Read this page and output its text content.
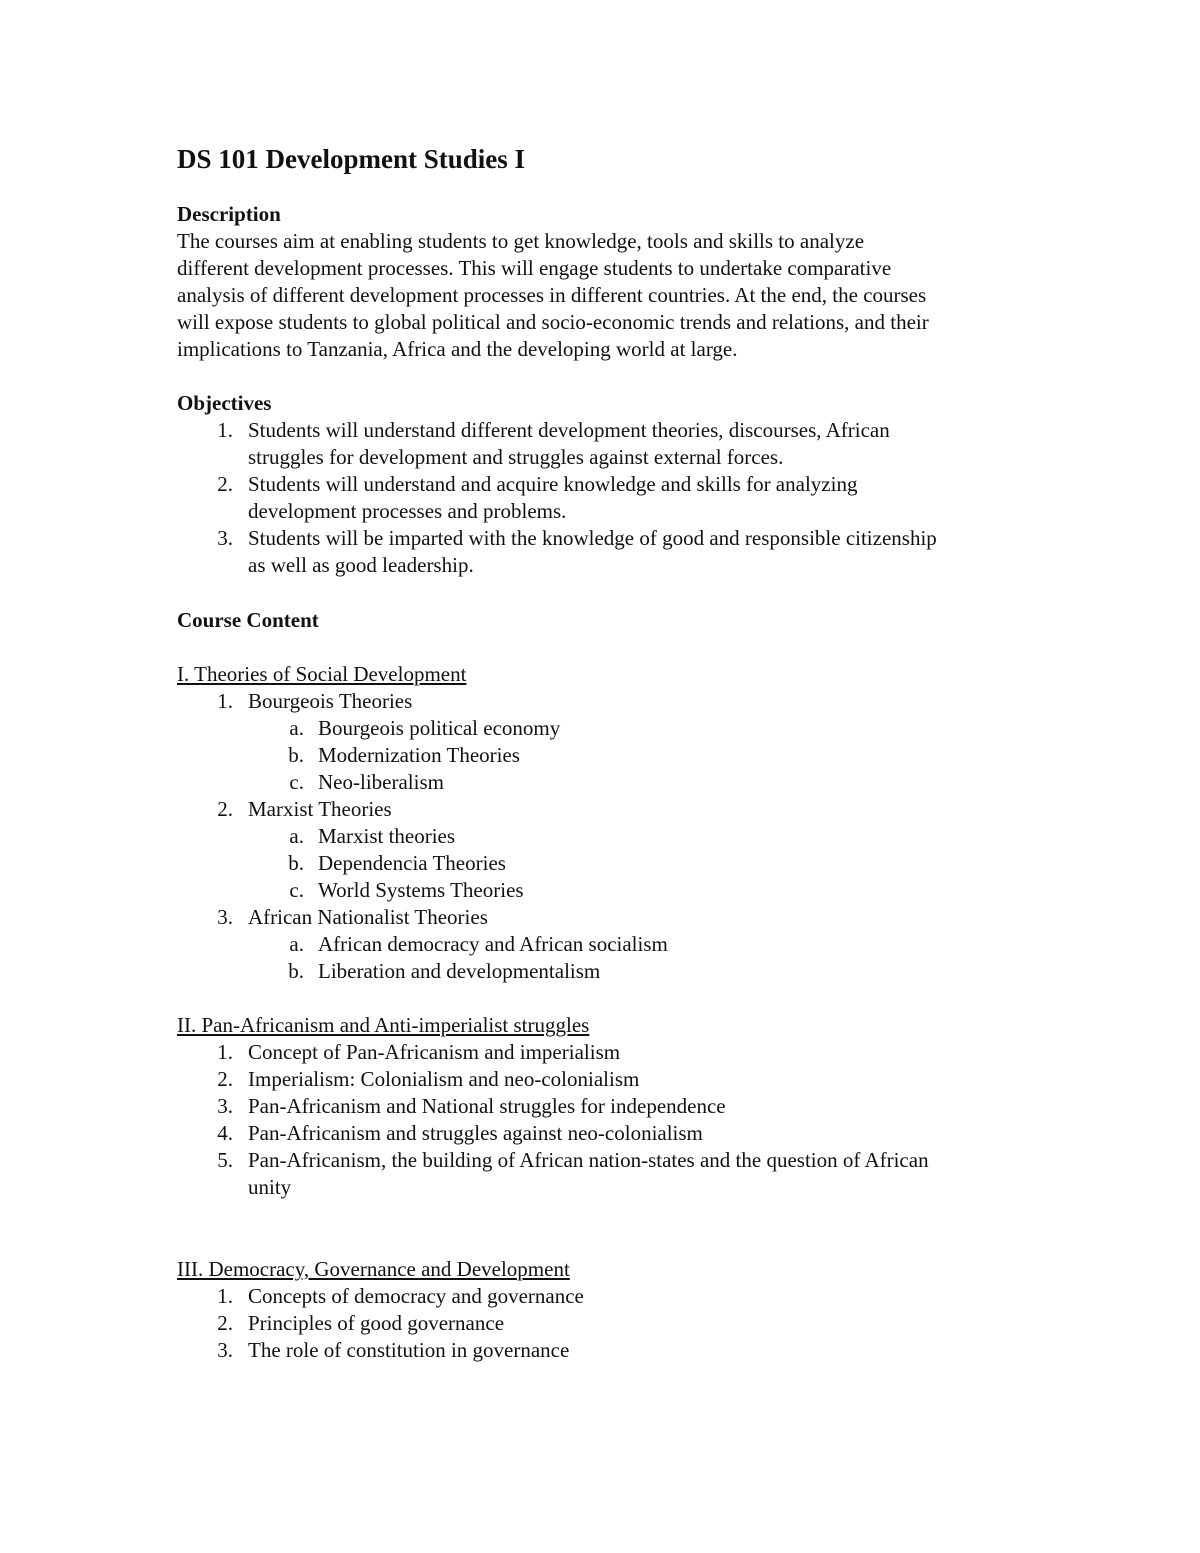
DS 101 Development Studies I
Description
The courses aim at enabling students to get knowledge, tools and skills to analyze
different development processes. This will engage students to undertake comparative
analysis of different development processes in different countries. At the end, the courses
will expose students to global political and socio-economic trends and relations, and their
implications to Tanzania, Africa and the developing world at large.
Objectives
1. Students will understand different development theories, discourses, African
struggles for development and struggles against external forces.
2. Students will understand and acquire knowledge and skills for analyzing
development processes and problems.
3. Students will be imparted with the knowledge of good and responsible citizenship
as well as good leadership.
Course Content
I. Theories of Social Development
1. Bourgeois Theories
a. Bourgeois political economy
b. Modernization Theories
c. Neo-liberalism
2. Marxist Theories
a. Marxist theories
b. Dependencia Theories
c. World Systems Theories
3. African Nationalist Theories
a. African democracy and African socialism
b. Liberation and developmentalism
II. Pan-Africanism and Anti-imperialist struggles
1. Concept of Pan-Africanism and imperialism
2. Imperialism: Colonialism and neo-colonialism
3. Pan-Africanism and National struggles for independence
4. Pan-Africanism and struggles against neo-colonialism
5. Pan-Africanism, the building of African nation-states and the question of African
unity
III. Democracy, Governance and Development
1. Concepts of democracy and governance
2. Principles of good governance
3. The role of constitution in governance
